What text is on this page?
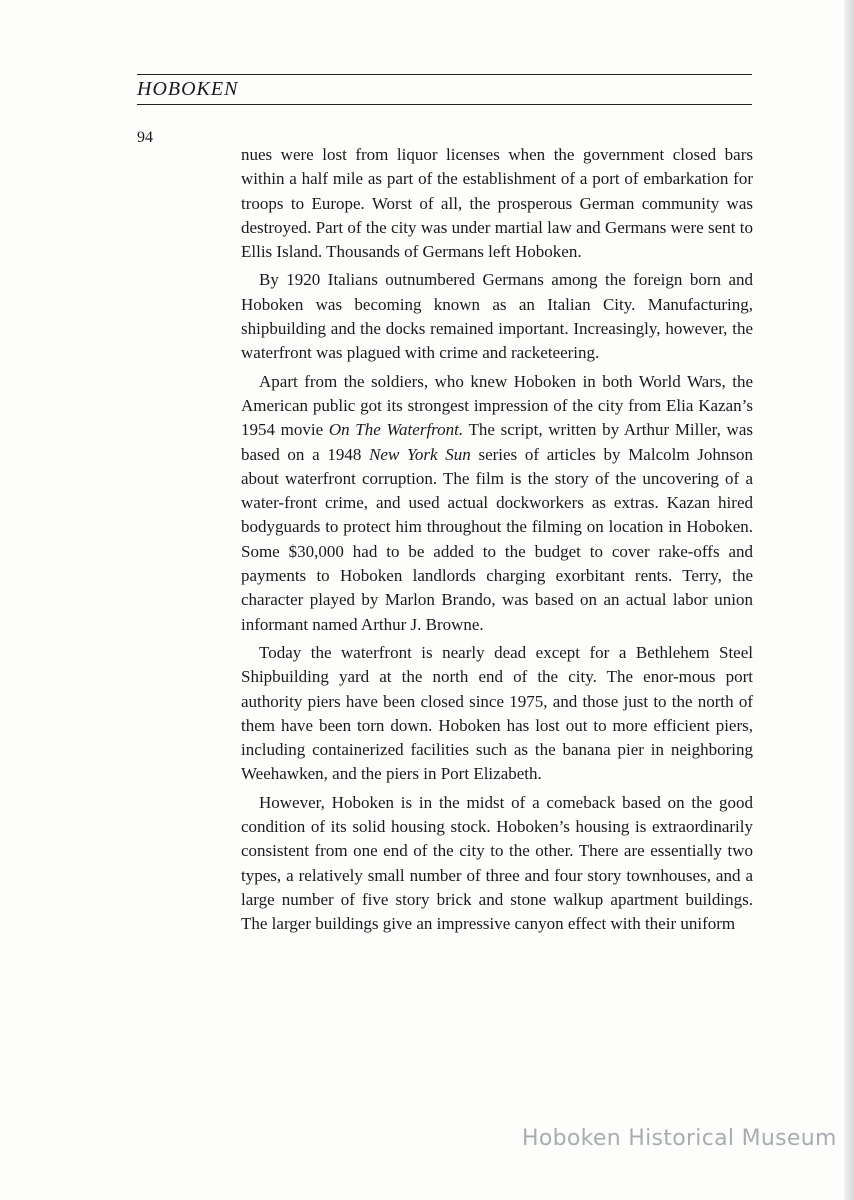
HOBOKEN
94

nues were lost from liquor licenses when the government closed bars within a half mile as part of the establishment of a port of embarkation for troops to Europe. Worst of all, the prosperous German community was destroyed. Part of the city was under martial law and Germans were sent to Ellis Island. Thousands of Germans left Hoboken.

By 1920 Italians outnumbered Germans among the foreign born and Hoboken was becoming known as an Italian City. Manufacturing, shipbuilding and the docks remained important. Increasingly, however, the waterfront was plagued with crime and racketeering.

Apart from the soldiers, who knew Hoboken in both World Wars, the American public got its strongest impression of the city from Elia Kazan’s 1954 movie On The Waterfront. The script, written by Arthur Miller, was based on a 1948 New York Sun series of articles by Malcolm Johnson about waterfront corruption. The film is the story of the uncovering of a water-front crime, and used actual dockworkers as extras. Kazan hired bodyguards to protect him throughout the filming on location in Hoboken. Some $30,000 had to be added to the budget to cover rake-offs and payments to Hoboken landlords charging exorbitant rents. Terry, the character played by Marlon Brando, was based on an actual labor union informant named Arthur J. Browne.

Today the waterfront is nearly dead except for a Bethlehem Steel Shipbuilding yard at the north end of the city. The enor-mous port authority piers have been closed since 1975, and those just to the north of them have been torn down. Hoboken has lost out to more efficient piers, including containerized facilities such as the banana pier in neighboring Weehawken, and the piers in Port Elizabeth.

However, Hoboken is in the midst of a comeback based on the good condition of its solid housing stock. Hoboken’s housing is extraordinarily consistent from one end of the city to the other. There are essentially two types, a relatively small number of three and four story townhouses, and a large number of five story brick and stone walkup apartment buildings. The larger buildings give an impressive canyon effect with their uniform

Hoboken Historical Museum
